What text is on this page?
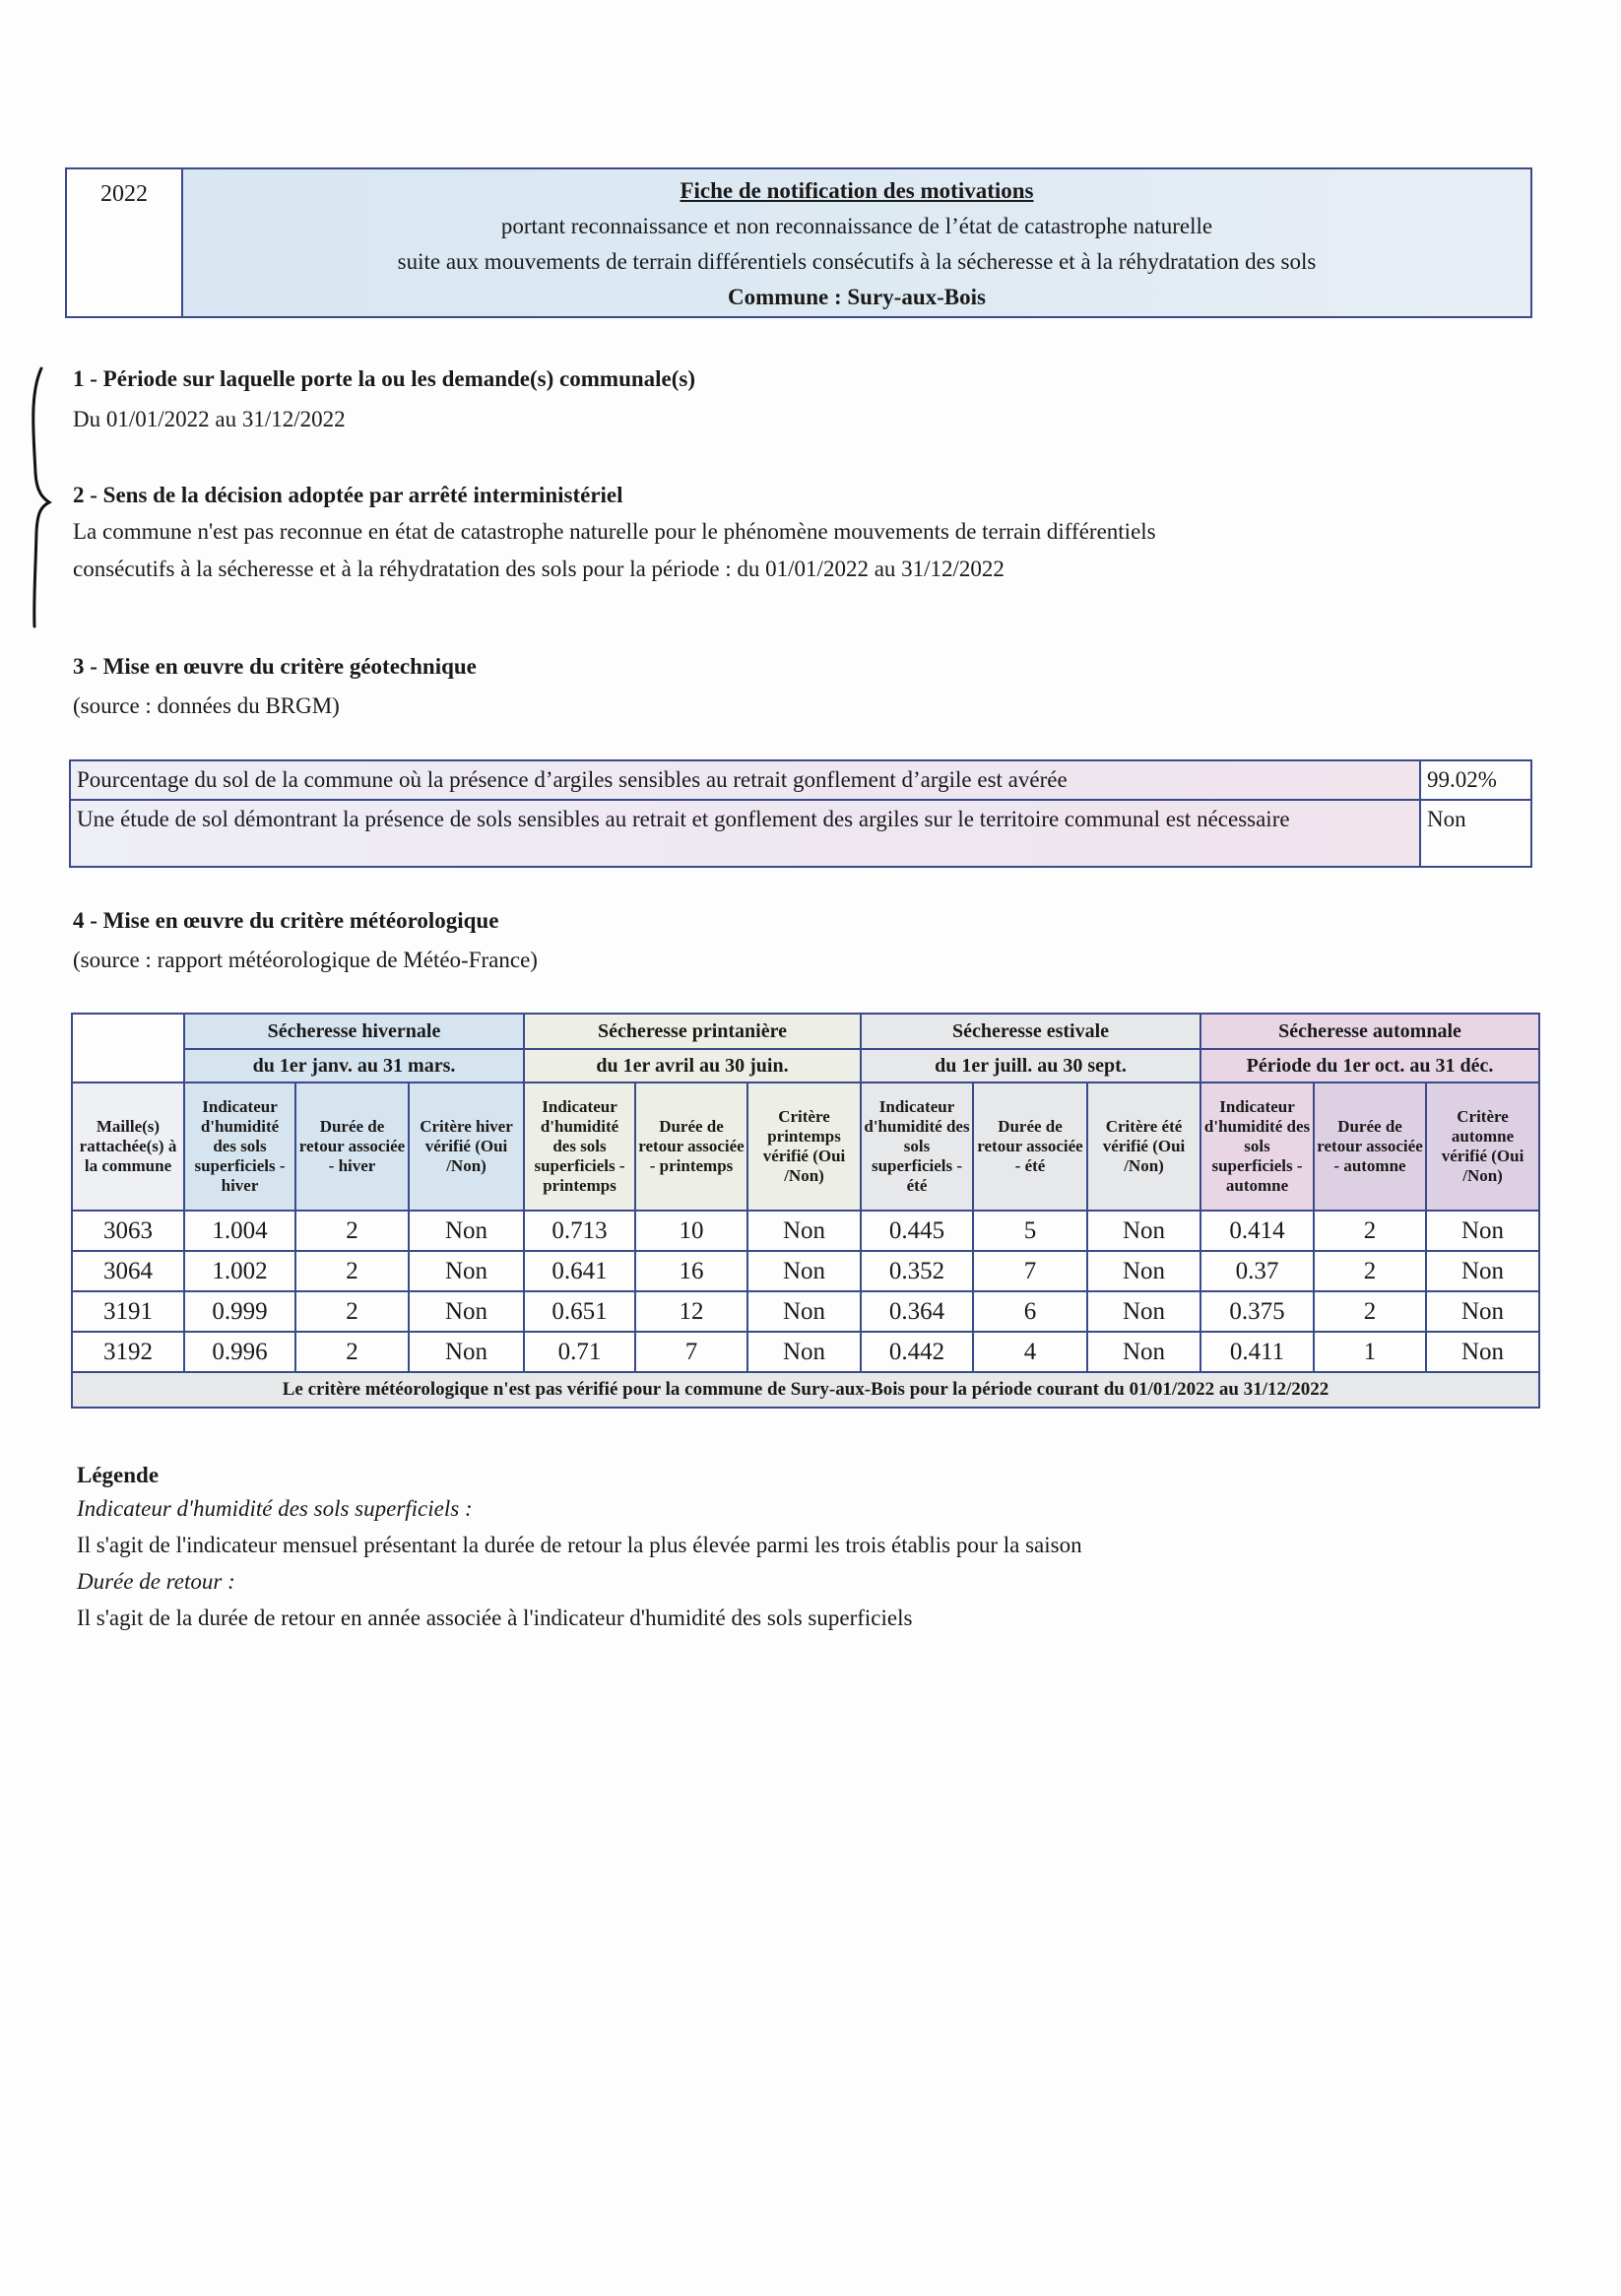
2022	Fiche de notification des motivations
portant reconnaissance et non reconnaissance de l’état de catastrophe naturelle
suite aux mouvements de terrain différentiels consécutifs à la sécheresse et à la réhydratation des sols
Commune : Sury-aux-Bois
1 - Période sur laquelle porte la ou les demande(s) communale(s)
Du 01/01/2022 au 31/12/2022
2 - Sens de la décision adoptée par arrêté interministériel
La commune n'est pas reconnue en état de catastrophe naturelle pour le phénomène mouvements de terrain différentiels
consécutifs à la sécheresse et à la réhydratation des sols pour la période : du 01/01/2022 au 31/12/2022
3 - Mise en œuvre du critère géotechnique
(source : données du BRGM)
Pourcentage du sol de la commune où la présence d’argiles sensibles au retrait gonflement d’argile est avérée	99.02%
Une étude de sol démontrant la présence de sols sensibles au retrait et gonflement des argiles sur le territoire communal est nécessaire	Non
4 - Mise en œuvre du critère météorologique
(source : rapport météorologique de Météo-France)
	Sécheresse hivernale			Sécheresse printanière			Sécheresse estivale			Sécheresse automnale		
	du 1er janv. au 31 mars.			du 1er avril au 30 juin.			du 1er juill. au 30 sept.			Période du 1er oct. au 31 déc.		
Maille(s) rattachée(s) à la commune	Indicateur d'humidité des sols superficiels - hiver	Durée de retour associée - hiver	Critère hiver vérifié (Oui /Non)	Indicateur d'humidité des sols superficiels - printemps	Durée de retour associée - printemps	Critère printemps vérifié (Oui /Non)	Indicateur d'humidité des sols superficiels - été	Durée de retour associée - été	Critère été vérifié (Oui /Non)	Indicateur d'humidité des sols superficiels - automne	Durée de retour associée - automne	Critère automne vérifié (Oui /Non)
3063	1.004	2	Non	0.713	10	Non	0.445	5	Non	0.414	2	Non
3064	1.002	2	Non	0.641	16	Non	0.352	7	Non	0.37	2	Non
3191	0.999	2	Non	0.651	12	Non	0.364	6	Non	0.375	2	Non
3192	0.996	2	Non	0.71	7	Non	0.442	4	Non	0.411	1	Non
Le critère météorologique n'est pas vérifié pour la commune de Sury-aux-Bois pour la période courant du 01/01/2022 au 31/12/2022												
Légende
Indicateur d'humidité des sols superficiels :
Il s'agit de l'indicateur mensuel présentant la durée de retour la plus élevée parmi les trois établis pour la saison
Durée de retour :
Il s'agit de la durée de retour en année associée à l'indicateur d'humidité des sols superficiels
